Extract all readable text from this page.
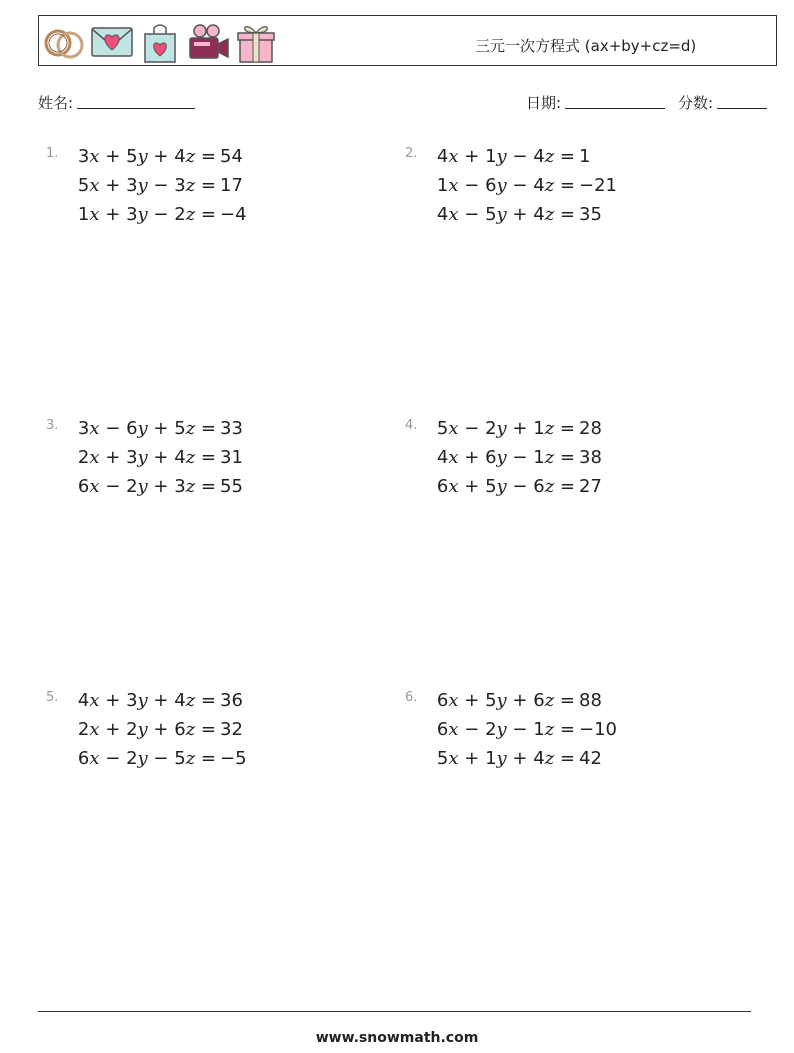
三元一次方程式 (ax+by+cz=d)
姓名:	日期:	分数:
1.	3x + 5y + 4z = 54
5x + 3y − 3z = 17
1x + 3y − 2z = −4
2.	4x + 1y − 4z = 1
1x − 6y − 4z = −21
4x − 5y + 4z = 35
3.	3x − 6y + 5z = 33
2x + 3y + 4z = 31
6x − 2y + 3z = 55
4.	5x − 2y + 1z = 28
4x + 6y − 1z = 38
6x + 5y − 6z = 27
5.	4x + 3y + 4z = 36
2x + 2y + 6z = 32
6x − 2y − 5z = −5
6.	6x + 5y + 6z = 88
6x − 2y − 1z = −10
5x + 1y + 4z = 42
www.snowmath.com
